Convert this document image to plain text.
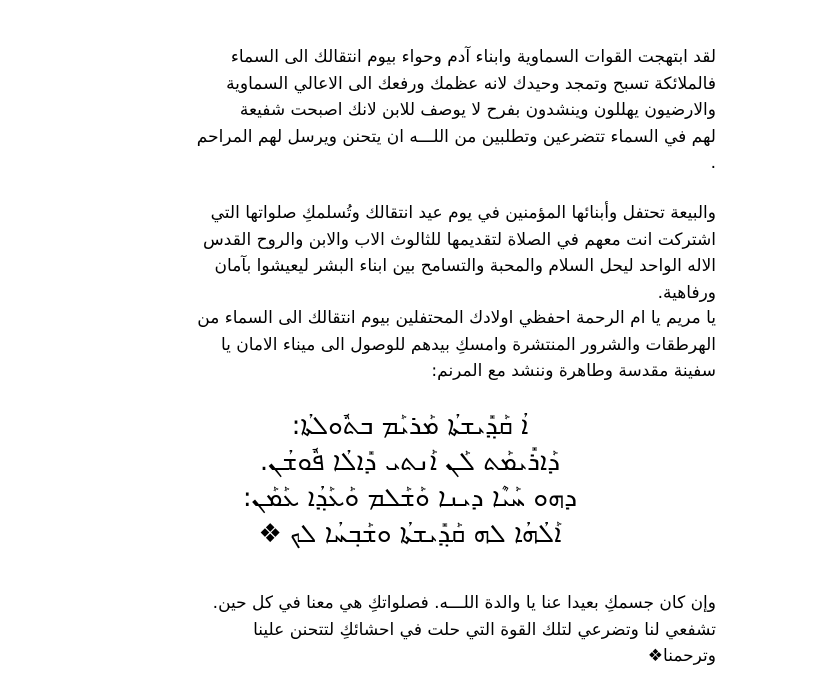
لقد ابتهجت القوات السماوية وابناء آدم وحواء بيوم انتقالك الى السماء
فالملائكة تسبح وتمجد وحيدك لانه عظمك ورفعك الى الاعالي السماوية
والارضيون يهللون وينشدون بفرح لا يوصف للابن لانك اصبحت شفيعة
لهم في السماء تتضرعين وتطلبين من اللـــه ان يتحنن ويرسل لهم المراحم
.
والبيعة تحتفل وأبنائها المؤمنين في يوم عيد انتقالك وتُسلمكِ صلواتها التي
اشتركت انت معهم في الصلاة لتقديمها للثالوث الاب والابن والروح القدس
الاله الواحد ليحل السلام والمحبة والتسامح بين ابناء البشر ليعيشوا بآمان
ورفاهية.
يا مريم يا ام الرحمة احفظي اولادك المحتفلين بيوم انتقالك الى السماء من
الهرطقات والشرور المنتشرة وامسكِ بيدهم للوصول الى ميناء الامان يا
سفينة مقدسة وطاهرة وننشد مع المرنم:
ܐܳ ܩܰܕ݂ܺܝܫܬܳܐ ܡܰܪܝܰܡ ܒܬܽܘܠܬܳܐ:
ܕܰܐܪܺܝܡܰܬ ܠܰܢ ܐܰܢܬܝ ܕܺܐܠܳܐ ܦܽܘܫܳܢ.
ܕܗܘ ܚܰܝܶܐ ܕܝܢܐ ܘܰܫܰܠܡ ܘܰܥܰܕ݂ܳܐ ܥܰܡܰܢ:
ܐܰܠܳܗܳܐ ܠܗ ܩܰܕ݂ܺܝܫܬܳܐ ܘܫܰܒ݂ܚܳܐ ܠܟ ❖
وإن كان جسمكِ بعيدا عنا يا والدة اللـــه. فصلواتكِ هي معنا في كل حين.
تشفعي لنا وتضرعي لتلك القوة التي حلت في احشائكِ لتتحنن علينا
وترحمنا❖
